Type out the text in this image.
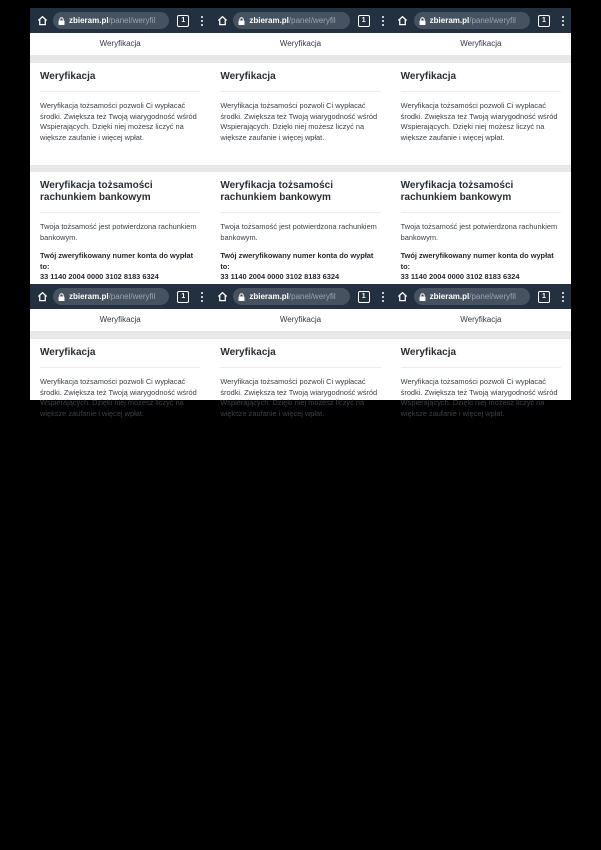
zbieram.pl/panel/weryfil	1
Weryfikacja

Weryfikacja

Weryfikacja tożsamości pozwoli Ci wypłacać środki. Zwiększa też Twoją wiarygodność wśród Wspierających. Dzięki niej możesz liczyć na większe zaufanie i więcej wpłat.

Weryfikacja tożsamości rachunkiem bankowym

Twoja tożsamość jest potwierdzona rachunkiem bankowym.

Twój zweryfikowany numer konta do wypłat to:

33 1140 2004 0000 3102 8183 6324

zbieram.pl/panel/weryfil	1
Weryfikacja

Weryfikacja

Weryfikacja tożsamości pozwoli Ci wypłacać środki. Zwiększa też Twoją wiarygodność wśród Wspierających. Dzięki niej możesz liczyć na większe zaufanie i więcej wpłat.

Weryfikacja tożsamości rachunkiem bankowym

Twoja tożsamość jest potwierdzona rachunkiem bankowym.

Twój zweryfikowany numer konta do wypłat to:

33 1140 2004 0000 3102 8183 6324

zbieram.pl/panel/weryfil	1
Weryfikacja

Weryfikacja

Weryfikacja tożsamości pozwoli Ci wypłacać środki. Zwiększa też Twoją wiarygodność wśród Wspierających. Dzięki niej możesz liczyć na większe zaufanie i więcej wpłat.

Weryfikacja tożsamości rachunkiem bankowym

Twoja tożsamość jest potwierdzona rachunkiem bankowym.

Twój zweryfikowany numer konta do wypłat to:

33 1140 2004 0000 3102 8183 6324

zbieram.pl/panel/weryfil	1
Weryfikacja

Weryfikacja

Weryfikacja tożsamości pozwoli Ci wypłacać środki. Zwiększa też Twoją wiarygodność wśród Wspierających. Dzięki niej możesz liczyć na większe zaufanie i więcej wpłat.

zbieram.pl/panel/weryfil	1
Weryfikacja

Weryfikacja

Weryfikacja tożsamości pozwoli Ci wypłacać środki. Zwiększa też Twoją wiarygodność wśród Wspierających. Dzięki niej możesz liczyć na większe zaufanie i więcej wpłat.

zbieram.pl/panel/weryfil	1
Weryfikacja

Weryfikacja

Weryfikacja tożsamości pozwoli Ci wypłacać środki. Zwiększa też Twoją wiarygodność wśród Wspierających. Dzięki niej możesz liczyć na większe zaufanie i więcej wpłat.
